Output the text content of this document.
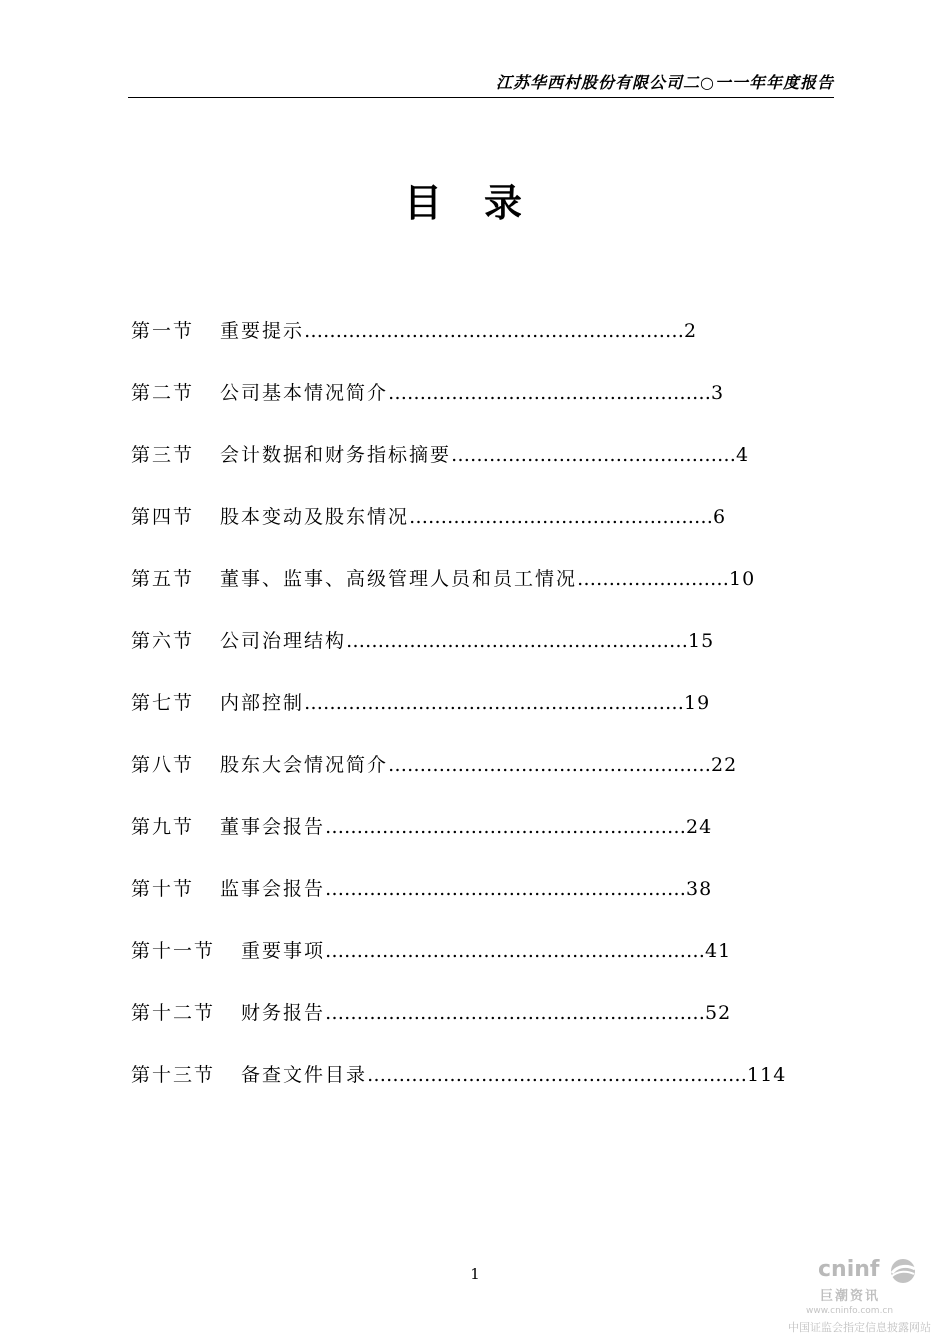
江苏华西村股份有限公司二○一一年年度报告
目录
第一节 重要提示 …………………………………………………… 2
第二节 公司基本情况简介 …………………………………………… 3
第三节 会计数据和财务指标摘要 ……………………………………… 4
第四节 股本变动及股东情况 ………………………………………… 6
第五节 董事、监事、高级管理人员和员工情况 …………………… 10
第六节 公司治理结构 ……………………………………………… 15
第七节 内部控制 …………………………………………………… 19
第八节 股东大会情况简介 …………………………………………… 22
第九节 董事会报告 ………………………………………………… 24
第十节 监事会报告 ………………………………………………… 38
第十一节 重要事项 …………………………………………………… 41
第十二节 财务报告 …………………………………………………… 52
第十三节 备查文件目录 …………………………………………………… 114
1	cninf
巨潮资讯
www.cninfo.com.cn
中国证监会指定信息披露网站
